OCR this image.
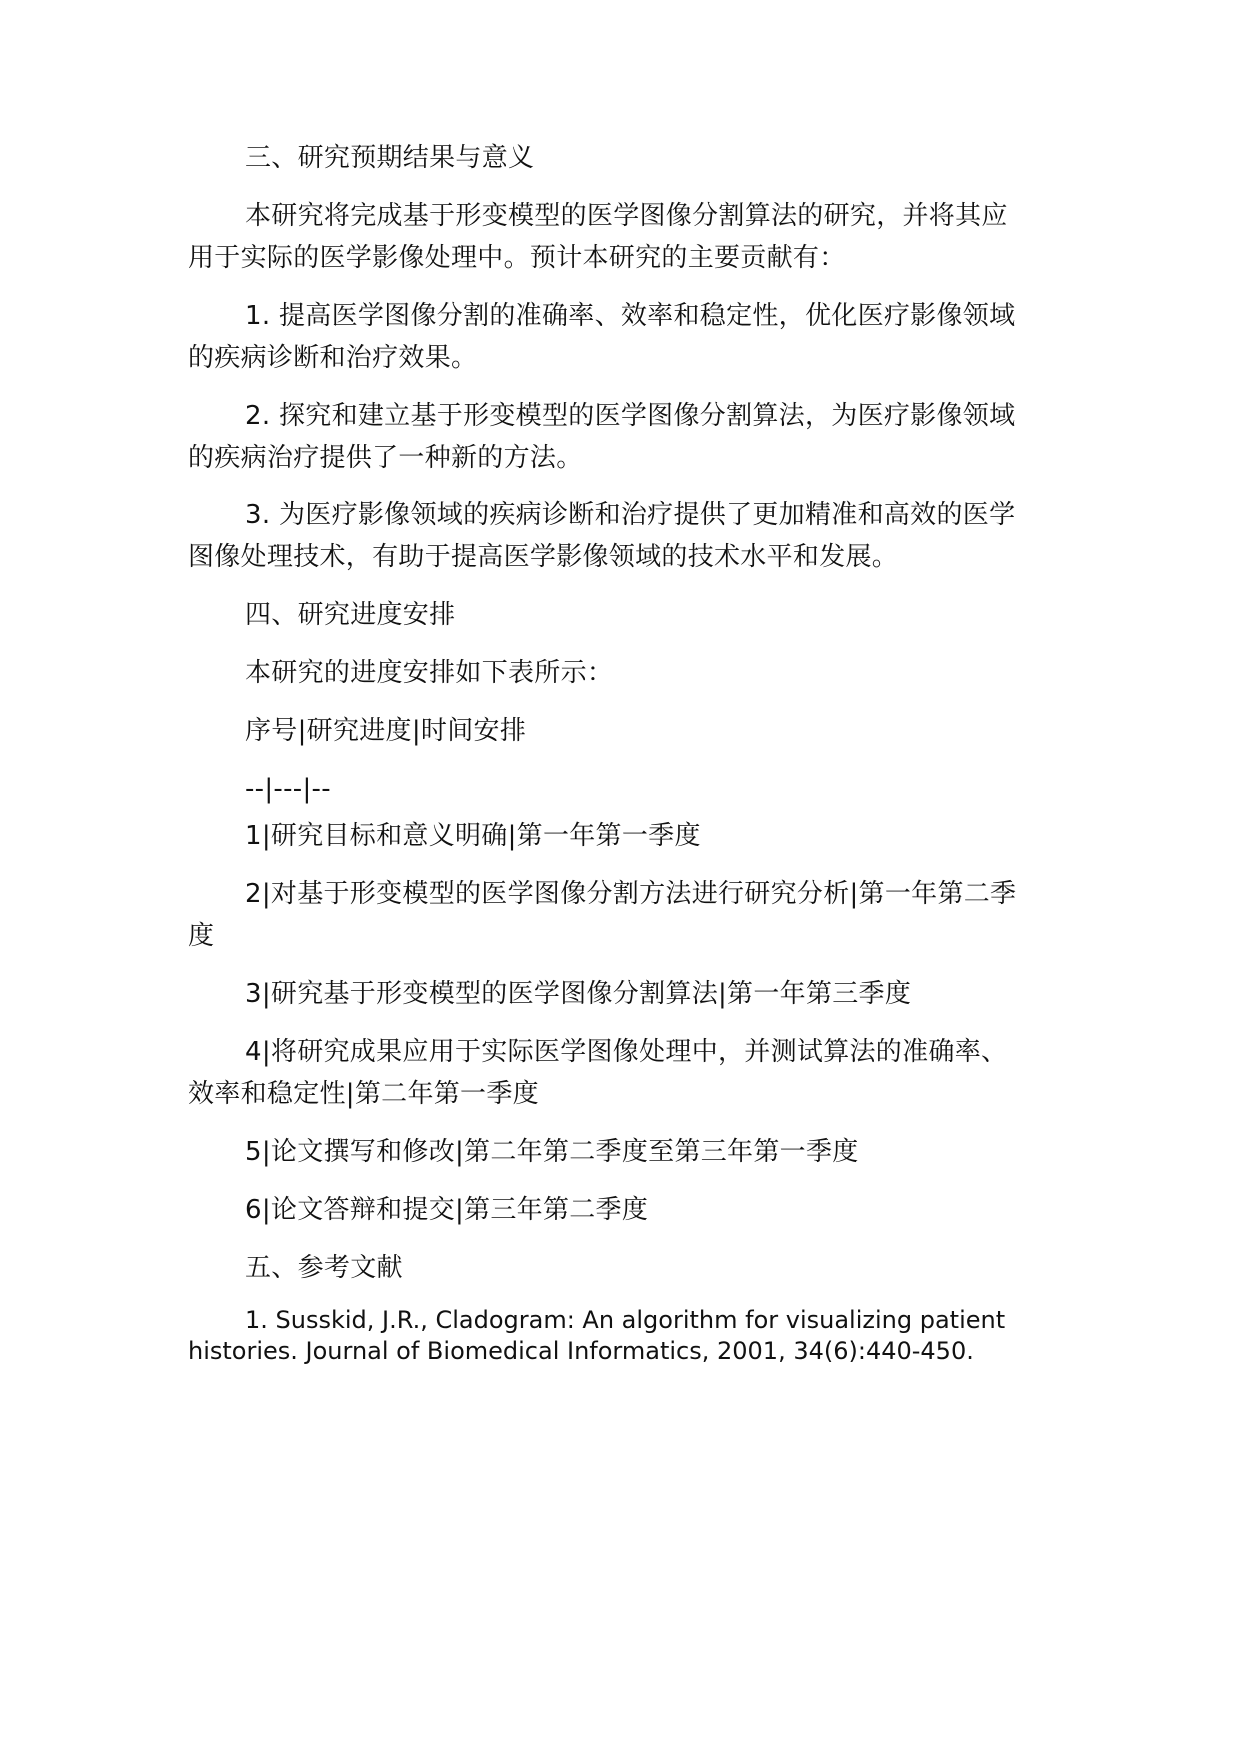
三、研究预期结果与意义
本研究将完成基于形变模型的医学图像分割算法的研究，并将其应
用于实际的医学影像处理中。预计本研究的主要贡献有：
1. 提高医学图像分割的准确率、效率和稳定性，优化医疗影像领域
的疾病诊断和治疗效果。
2. 探究和建立基于形变模型的医学图像分割算法，为医疗影像领域
的疾病治疗提供了一种新的方法。
3. 为医疗影像领域的疾病诊断和治疗提供了更加精准和高效的医学
图像处理技术，有助于提高医学影像领域的技术水平和发展。
四、研究进度安排
本研究的进度安排如下表所示：
序号|研究进度|时间安排
--|---|--
1|研究目标和意义明确|第一年第一季度
2|对基于形变模型的医学图像分割方法进行研究分析|第一年第二季
度
3|研究基于形变模型的医学图像分割算法|第一年第三季度
4|将研究成果应用于实际医学图像处理中，并测试算法的准确率、
效率和稳定性|第二年第一季度
5|论文撰写和修改|第二年第二季度至第三年第一季度
6|论文答辩和提交|第三年第二季度
五、参考文献
1. Susskid, J.R., Cladogram: An algorithm for visualizing patient
histories. Journal of Biomedical Informatics, 2001, 34(6):440-450.
